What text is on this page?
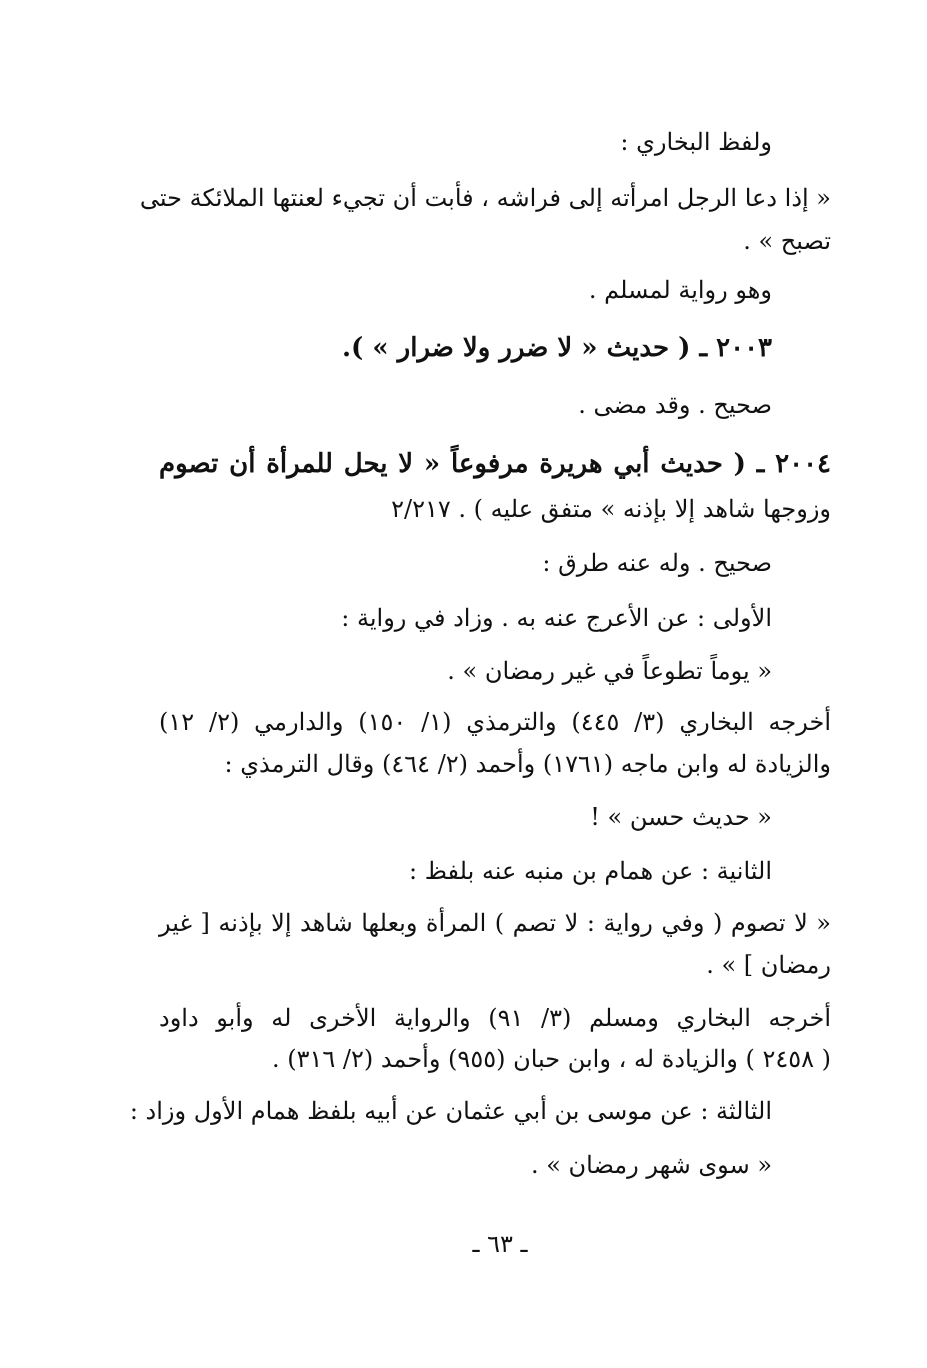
ولفظ البخاري :

« إذا دعا الرجل امرأته إلى فراشه ، فأبت أن تجيء لعنتها الملائكة حتى

تصبح » .

وهو رواية لمسلم .

٢٠٠٣ ـ ( حديث « لا ضرر ولا ضرار » ).

صحيح . وقد مضى .

٢٠٠٤ ـ ( حديث أبي هريرة مرفوعاً « لا يحل للمرأة أن تصوم

وزوجها شاهد إلا بإذنه » متفق عليه ) . ٢/٢١٧

صحيح . وله عنه طرق :

الأولى : عن الأعرج عنه به . وزاد في رواية :

« يوماً تطوعاً في غير رمضان » .

أخرجه البخاري (٣/ ٤٤٥) والترمذي (١/ ١٥٠) والدارمي (٢/ ١٢)

والزيادة له وابن ماجه (١٧٦١) وأحمد (٢/ ٤٦٤) وقال الترمذي :

« حديث حسن » !

الثانية : عن همام بن منبه عنه بلفظ :

« لا تصوم ( وفي رواية : لا تصم ) المرأة وبعلها شاهد إلا بإذنه [ غير

رمضان ] » .

أخرجه البخاري ومسلم (٣/ ٩١) والرواية الأخرى له وأبو داود

( ٢٤٥٨ ) والزيادة له ، وابن حبان (٩٥٥) وأحمد (٢/ ٣١٦) .

الثالثة : عن موسى بن أبي عثمان عن أبيه بلفظ همام الأول وزاد :

« سوى شهر رمضان » .

ـ ٦٣ ـ
